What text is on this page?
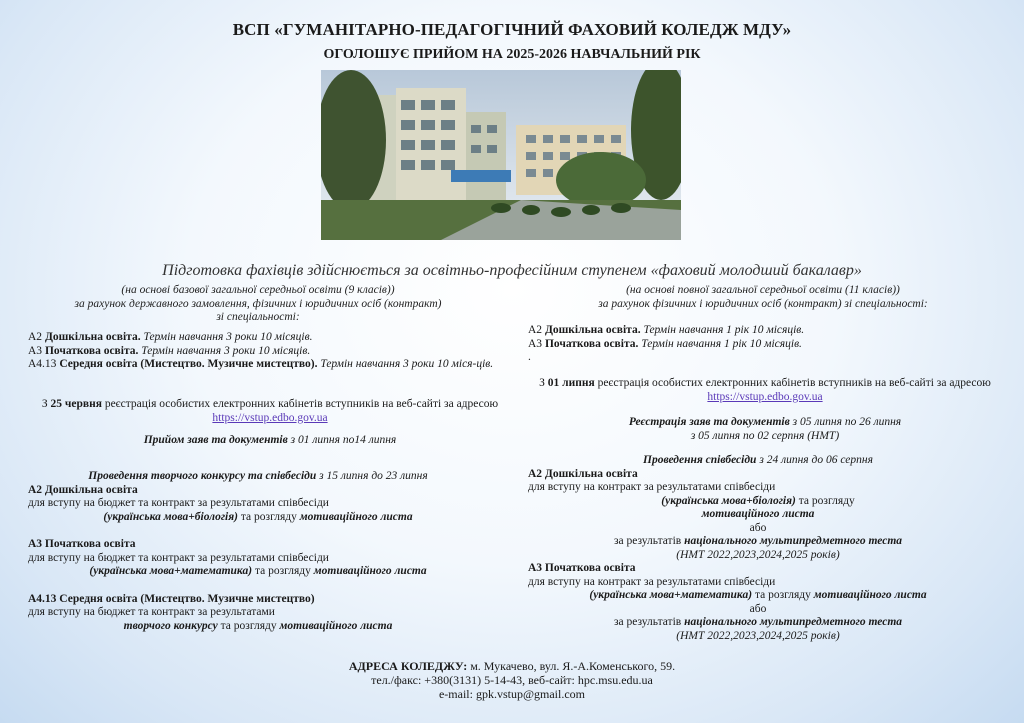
ВСП «ГУМАНІТАРНО-ПЕДАГОГІЧНИЙ ФАХОВИЙ КОЛЕДЖ МДУ»
ОГОЛОШУЄ ПРИЙОМ НА 2025-2026 НАВЧАЛЬНИЙ РІК
Підготовка фахівців здійснюється за освітньо-професійним ступенем «фаховий молодший бакалавр»
(на основі базової загальної середньої освіти (9 класів))
за рахунок державного замовлення, фізичних і юридичних осіб (контракт)
зі спеціальності:

А2 Дошкільна освіта. Термін навчання 3 роки 10 місяців.

А3 Початкова освіта. Термін навчання 3 роки 10 місяців.

А4.13 Середня освіта (Мистецтво. Музичне мистецтво). Термін навчання 3 роки 10 міся-ців.

З 25 червня реєстрація особистих електронних кабінетів вступників на веб-сайті за адресою https://vstup.edbo.gov.ua
Прийом заяв та документів з 01 липня по14 липня

Проведення творчого конкурсу та співбесіди з 15 липня до 23 липня

А2 Дошкільна освіта

для вступу на бюджет та контракт за результатами співбесіди

(українська мова+біологія) та розгляду мотиваційного листа

А3 Початкова освіта

для вступу на бюджет та контракт за результатами співбесіди

(українська мова+математика) та розгляду мотиваційного листа

А4.13 Середня освіта (Мистецтво. Музичне мистецтво)

для вступу на бюджет та контракт за результатами

творчого конкурсу та розгляду мотиваційного листа

(на основі повної загальної середньої освіти (11 класів))
за рахунок фізичних і юридичних осіб (контракт) зі спеціальності:

А2 Дошкільна освіта. Термін навчання 1 рік 10 місяців.

А3 Початкова освіта. Термін навчання 1 рік 10 місяців.

.

З 01 липня реєстрація особистих електронних кабінетів вступників на веб-сайті за адресою https://vstup.edbo.gov.ua

Реєстрація заяв та документів з 05 липня по 26 липня

з 05 липня по 02 серпня (НМТ)

Проведення співбесіди з 24 липня до 06 серпня

А2 Дошкільна освіта

для вступу на контракт за результатами співбесіди

(українська мова+біологія) та розгляду

мотиваційного листа

або

за результатів національного мультипредметного теста

(НМТ 2022,2023,2024,2025 років)

А3 Початкова освіта

для вступу на контракт за результатами співбесіди

(українська мова+математика) та розгляду мотиваційного листа

або

за результатів національного мультипредметного теста

(НМТ 2022,2023,2024,2025 років)

АДРЕСА КОЛЕДЖУ: м. Мукачево, вул. Я.-А.Коменського, 59.

тел./факс: +380(3131) 5-14-43, веб-сайт: hpc.msu.edu.ua

e-mail: gpk.vstup@gmail.com
